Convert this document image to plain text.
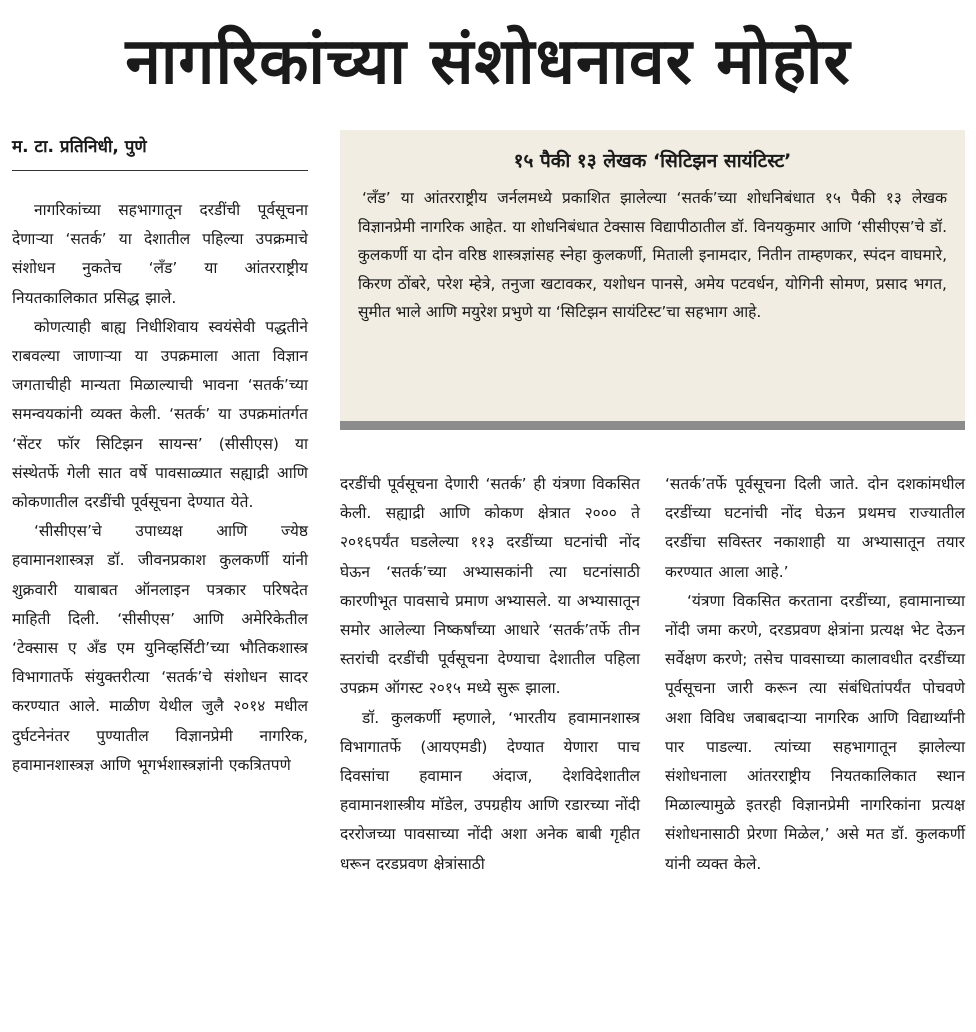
नागरिकांच्या संशोधनावर मोहोर
म. टा. प्रतिनिधी, पुणे
१५ पैकी १३ लेखक ‘सिटिझन सायंटिस्ट’

‘लँड’ या आंतरराष्ट्रीय जर्नलमध्ये प्रकाशित झालेल्या ‘सतर्क’च्या शोधनिबंधात १५ पैकी १३ लेखक विज्ञानप्रेमी नागरिक आहेत. या शोधनिबंधात टेक्सास विद्यापीठातील डॉ. विनयकुमार आणि ‘सीसीएस’चे डॉ. कुलकर्णी या दोन वरिष्ठ शास्त्रज्ञांसह स्नेहा कुलकर्णी, मिताली इनामदार, नितीन ताम्हणकर, स्पंदन वाघमारे, किरण ठोंबरे, परेश म्हेत्रे, तनुजा खटावकर, यशोधन पानसे, अमेय पटवर्धन, योगिनी सोमण, प्रसाद भगत, सुमीत भाले आणि मयुरेश प्रभुणे या ‘सिटिझन सायंटिस्ट’चा सहभाग आहे.

नागरिकांच्या सहभागातून दरडींची पूर्वसूचना देणाऱ्या ‘सतर्क’ या देशातील पहिल्या उपक्रमाचे संशोधन नुकतेच ‘लँड’ या आंतरराष्ट्रीय नियतकालिकात प्रसिद्ध झाले.

कोणत्याही बाह्य निधीशिवाय स्वयंसेवी पद्धतीने राबवल्या जाणाऱ्या या उपक्रमाला आता विज्ञान जगताचीही मान्यता मिळाल्याची भावना ‘सतर्क’च्या समन्वयकांनी व्यक्त केली. ‘सतर्क’ या उपक्रमांतर्गत ‘सेंटर फॉर सिटिझन सायन्स’ (सीसीएस) या संस्थेतर्फे गेली सात वर्षे पावसाळ्यात सह्याद्री आणि कोकणातील दरडींची पूर्वसूचना देण्यात येते.

‘सीसीएस’चे उपाध्यक्ष आणि ज्येष्ठ हवामानशास्त्रज्ञ डॉ. जीवनप्रकाश कुलकर्णी यांनी शुक्रवारी याबाबत ऑनलाइन पत्रकार परिषदेत माहिती दिली. ‘सीसीएस’ आणि अमेरिकेतील ‘टेक्सास ए अँड एम युनिव्हर्सिटी’च्या भौतिकशास्त्र विभागातर्फे संयुक्तरीत्या ‘सतर्क’चे संशोधन सादर करण्यात आले. माळीण येथील जुलै २०१४ मधील दुर्घटनेनंतर पुण्यातील विज्ञानप्रेमी नागरिक, हवामानशास्त्रज्ञ आणि भूगर्भशास्त्रज्ञांनी एकत्रितपणे

दरडींची पूर्वसूचना देणारी ‘सतर्क’ ही यंत्रणा विकसित केली. सह्याद्री आणि कोकण क्षेत्रात २००० ते २०१६पर्यंत घडलेल्या ११३ दरडींच्या घटनांची नोंद घेऊन ‘सतर्क’च्या अभ्यासकांनी त्या घटनांसाठी कारणीभूत पावसाचे प्रमाण अभ्यासले. या अभ्यासातून समोर आलेल्या निष्कर्षांच्या आधारे ‘सतर्क’तर्फे तीन स्तरांची दरडींची पूर्वसूचना देण्याचा देशातील पहिला उपक्रम ऑगस्ट २०१५ मध्ये सुरू झाला.

डॉ. कुलकर्णी म्हणाले, ‘भारतीय हवामानशास्त्र विभागातर्फे (आयएमडी) देण्यात येणारा पाच दिवसांचा हवामान अंदाज, देशविदेशातील हवामानशास्त्रीय मॉडेल, उपग्रहीय आणि रडारच्या नोंदी दररोजच्या पावसाच्या नोंदी अशा अनेक बाबी गृहीत धरून दरडप्रवण क्षेत्रांसाठी

‘सतर्क’तर्फे पूर्वसूचना दिली जाते. दोन दशकांमधील दरडींच्या घटनांची नोंद घेऊन प्रथमच राज्यातील दरडींचा सविस्तर नकाशाही या अभ्यासातून तयार करण्यात आला आहे.’

‘यंत्रणा विकसित करताना दरडींच्या, हवामानाच्या नोंदी जमा करणे, दरडप्रवण क्षेत्रांना प्रत्यक्ष भेट देऊन सर्वेक्षण करणे; तसेच पावसाच्या कालावधीत दरडींच्या पूर्वसूचना जारी करून त्या संबंधितांपर्यंत पोचवणे अशा विविध जबाबदाऱ्या नागरिक आणि विद्यार्थ्यांनी पार पाडल्या. त्यांच्या सहभागातून झालेल्या संशोधनाला आंतरराष्ट्रीय नियतकालिकात स्थान मिळाल्यामुळे इतरही विज्ञानप्रेमी नागरिकांना प्रत्यक्ष संशोधनासाठी प्रेरणा मिळेल,’ असे मत डॉ. कुलकर्णी यांनी व्यक्त केले.
